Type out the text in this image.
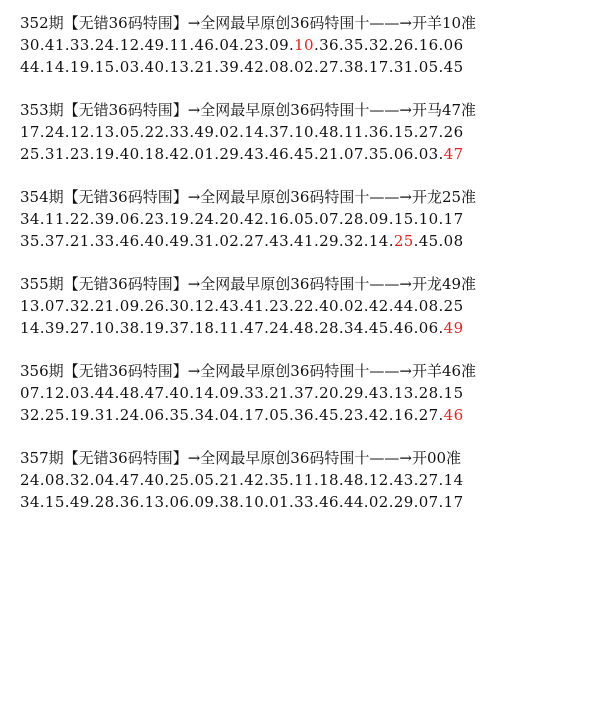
352期【无错36码特围】→全网最早原创36码特围十——→开羊10准
30.41.33.24.12.49.11.46.04.23.09.10.36.35.32.26.16.06
44.14.19.15.03.40.13.21.39.42.08.02.27.38.17.31.05.45
353期【无错36码特围】→全网最早原创36码特围十——→开马47准
17.24.12.13.05.22.33.49.02.14.37.10.48.11.36.15.27.26
25.31.23.19.40.18.42.01.29.43.46.45.21.07.35.06.03.47
354期【无错36码特围】→全网最早原创36码特围十——→开龙25准
34.11.22.39.06.23.19.24.20.42.16.05.07.28.09.15.10.17
35.37.21.33.46.40.49.31.02.27.43.41.29.32.14.25.45.08
355期【无错36码特围】→全网最早原创36码特围十——→开龙49准
13.07.32.21.09.26.30.12.43.41.23.22.40.02.42.44.08.25
14.39.27.10.38.19.37.18.11.47.24.48.28.34.45.46.06.49
356期【无错36码特围】→全网最早原创36码特围十——→开羊46准
07.12.03.44.48.47.40.14.09.33.21.37.20.29.43.13.28.15
32.25.19.31.24.06.35.34.04.17.05.36.45.23.42.16.27.46
357期【无错36码特围】→全网最早原创36码特围十——→开00准
24.08.32.04.47.40.25.05.21.42.35.11.18.48.12.43.27.14
34.15.49.28.36.13.06.09.38.10.01.33.46.44.02.29.07.17
